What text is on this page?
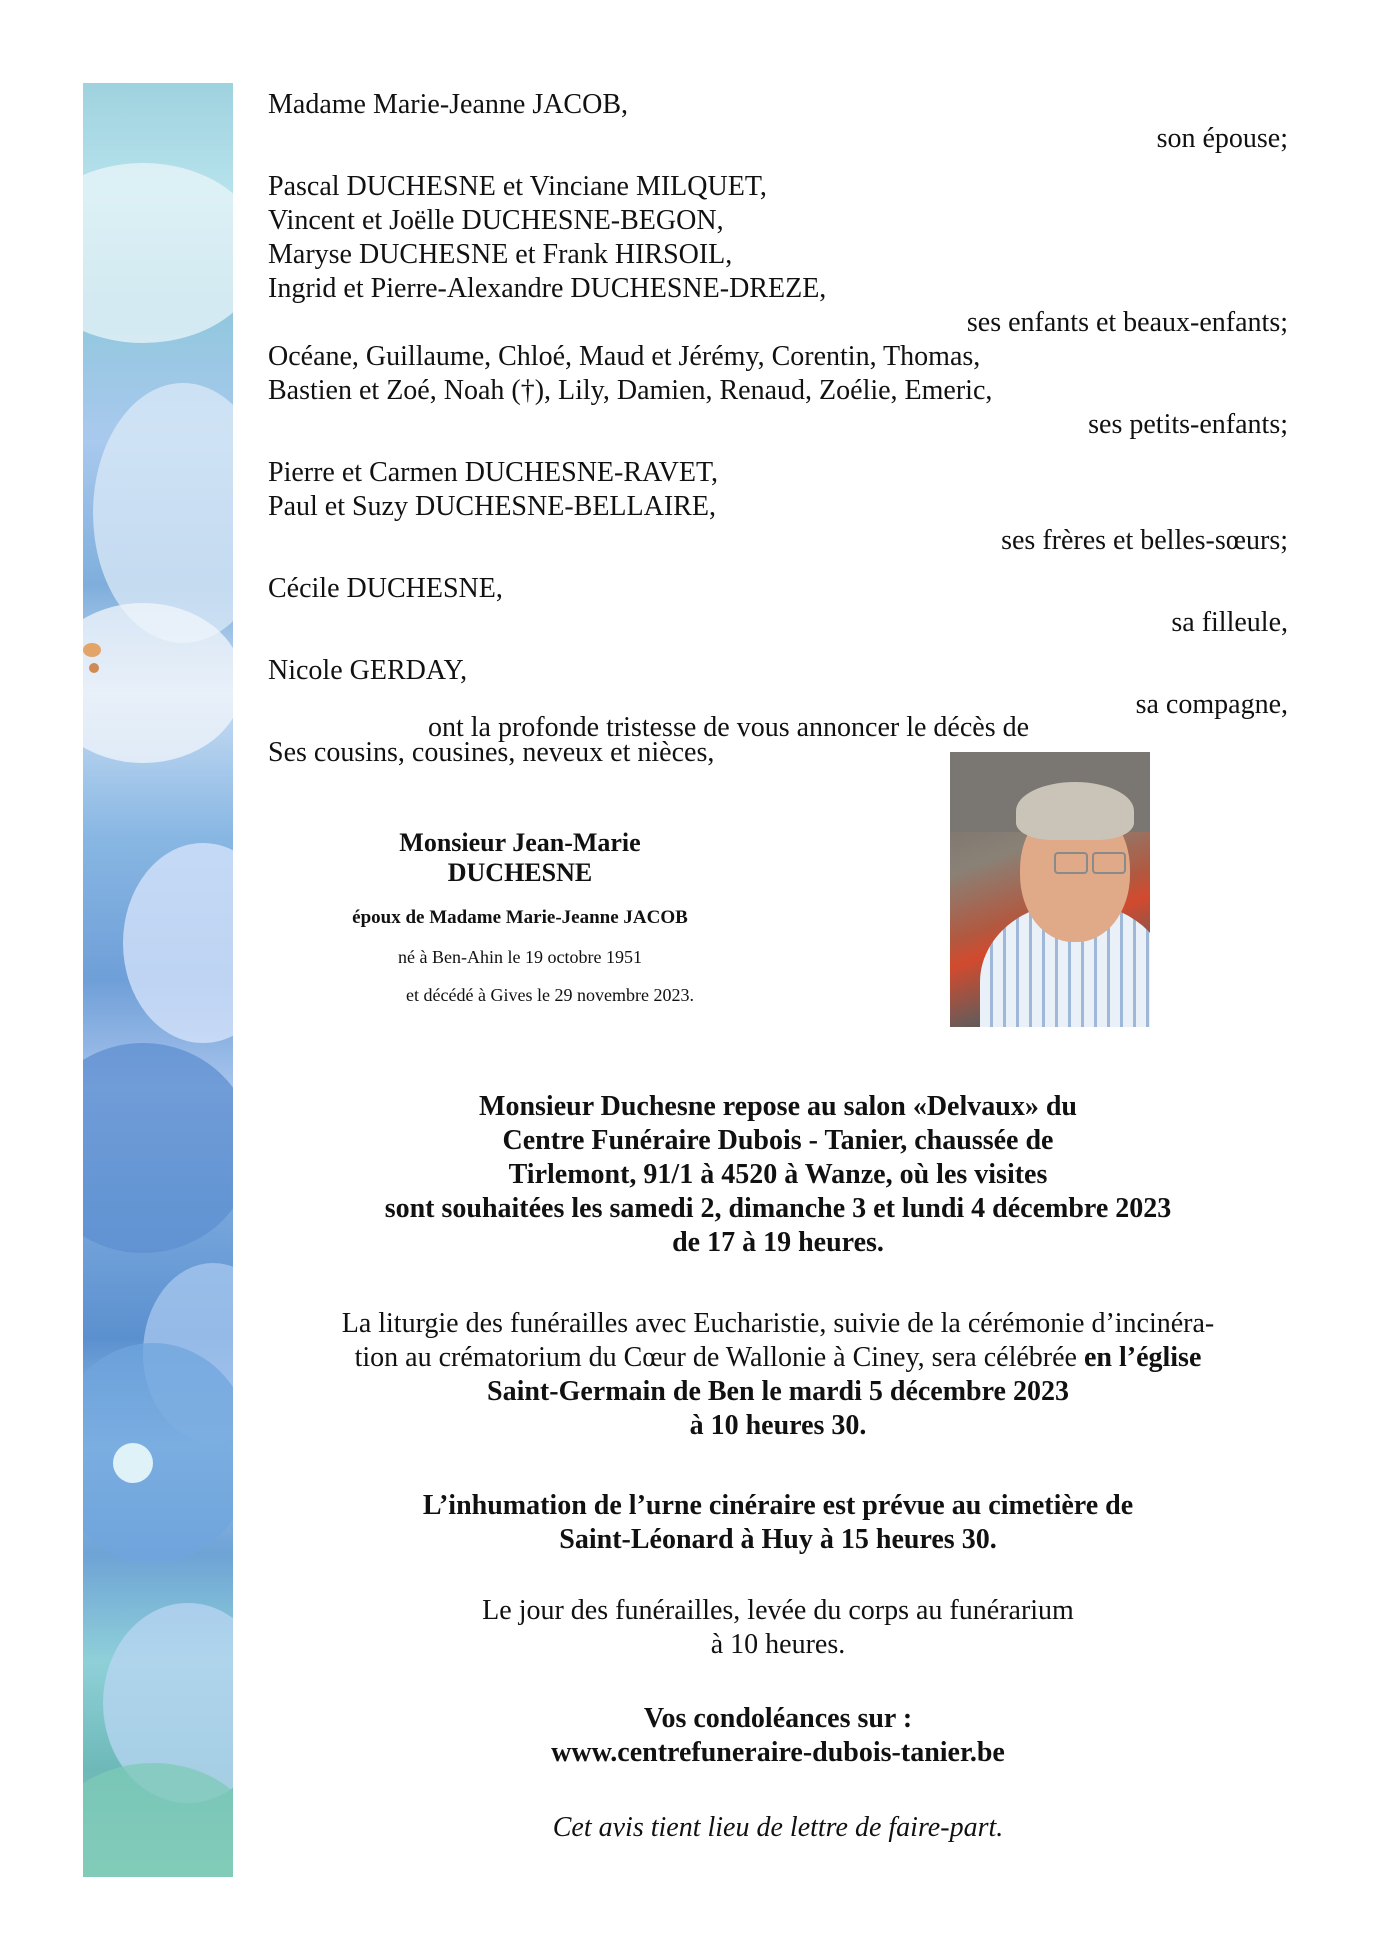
Madame Marie-Jeanne JACOB,
son épouse;
Pascal DUCHESNE et Vinciane MILQUET,
Vincent et Joëlle DUCHESNE-BEGON,
Maryse DUCHESNE et Frank HIRSOIL,
Ingrid et Pierre-Alexandre DUCHESNE-DREZE,
ses enfants et beaux-enfants;
Océane, Guillaume, Chloé, Maud et Jérémy, Corentin, Thomas,
Bastien et Zoé, Noah (†), Lily, Damien, Renaud, Zoélie, Emeric,
ses petits-enfants;
Pierre et Carmen DUCHESNE-RAVET,
Paul et Suzy DUCHESNE-BELLAIRE,
ses frères et belles-sœurs;
Cécile DUCHESNE,
sa filleule,
Nicole GERDAY,
sa compagne,
Ses cousins, cousines, neveux et nièces,
ont la profonde tristesse de vous annoncer le décès de
Monsieur Jean-Marie DUCHESNE
époux de Madame Marie-Jeanne JACOB
né à Ben-Ahin le 19 octobre 1951
et décédé à Gives le 29 novembre 2023.
Monsieur Duchesne repose au salon «Delvaux» du
Centre Funéraire Dubois - Tanier, chaussée de
Tirlemont, 91/1 à 4520 à Wanze, où les visites
sont souhaitées les samedi 2, dimanche 3 et lundi 4 décembre 2023
de 17 à 19 heures.
La liturgie des funérailles avec Eucharistie, suivie de la cérémonie d’incinéra-
tion au crématorium du Cœur de Wallonie à Ciney, sera célébrée en l’église
Saint-Germain de Ben le mardi 5 décembre 2023
à 10 heures 30.
L’inhumation de l’urne cinéraire est prévue au cimetière de
Saint-Léonard à Huy à 15 heures 30.
Le jour des funérailles, levée du corps au funérarium
à 10 heures.
Vos condoléances sur :
www.centrefuneraire-dubois-tanier.be
Cet avis tient lieu de lettre de faire-part.
